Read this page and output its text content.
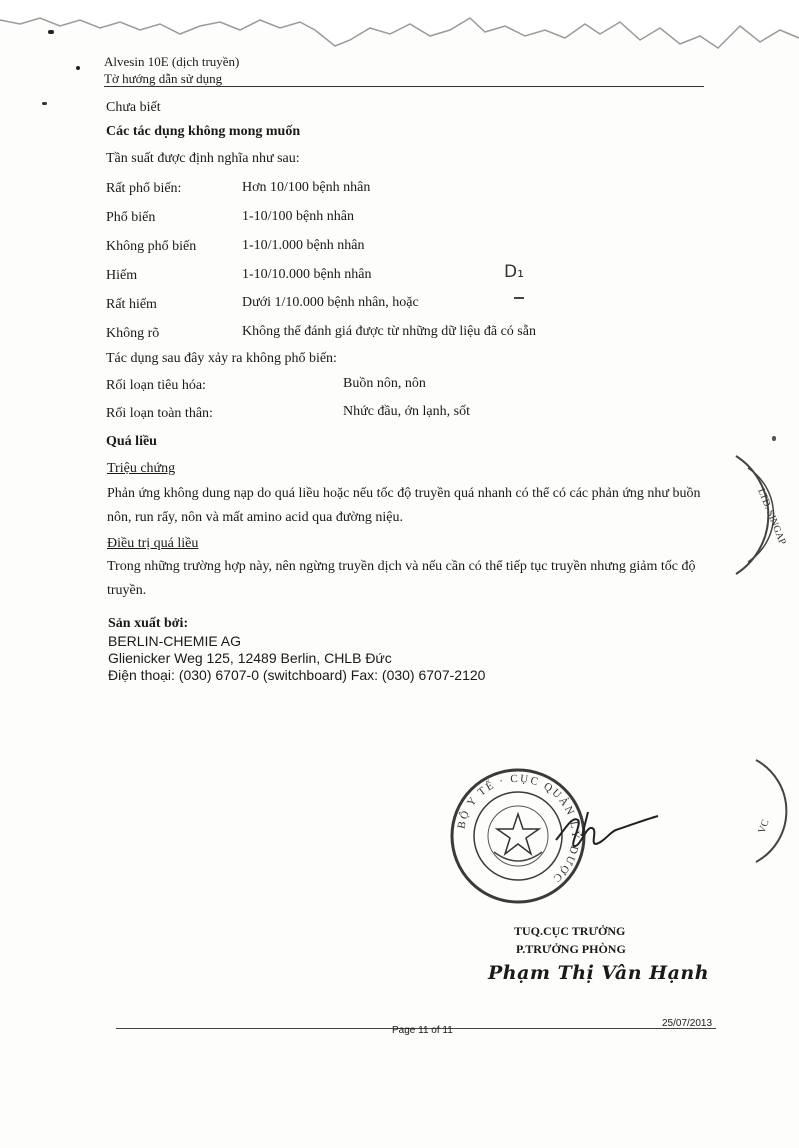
Alvesin 10E (dịch truyền)
Tờ hướng dẫn sử dụng
Chưa biết
Các tác dụng không mong muốn
Tần suất được định nghĩa như sau:
Rất phổ biến:	Hơn 10/100 bệnh nhân
Phổ biến	1-10/100 bệnh nhân
Không phổ biến	1-10/1.000 bệnh nhân
Hiếm	1-10/10.000 bệnh nhân
Rất hiếm	Dưới 1/10.000 bệnh nhân, hoặc
Không rõ	Không thể đánh giá được từ những dữ liệu đã có sẵn
D₁
Tác dụng sau đây xảy ra không phổ biến:
Rối loạn tiêu hóa:	Buồn nôn, nôn
Rối loạn toàn thân:	Nhức đầu, ớn lạnh, sốt
Quá liều
Triệu chứng
Phản ứng không dung nạp do quá liều hoặc nếu tốc độ truyền quá nhanh có thể có các phản ứng như buồn nôn, run rẩy, nôn và mất amino acid qua đường niệu.
Điều trị quá liều
Trong những trường hợp này, nên ngừng truyền dịch và nếu cần có thể tiếp tục truyền nhưng giảm tốc độ truyền.
Sản xuất bởi:
BERLIN-CHEMIE AG
Glienicker Weg 125, 12489 Berlin, CHLB Đức
Điện thoại: (030) 6707-0 (switchboard) Fax: (030) 6707-2120
LTD. SINGAP
VC
BỘ Y TẾ · CỤC QUẢN LÝ DƯỢC
TUQ.CỤC TRƯỞNG
P.TRƯỞNG PHÒNG
Phạm Thị Vân Hạnh
Page 11 of 11
25/07/2013
